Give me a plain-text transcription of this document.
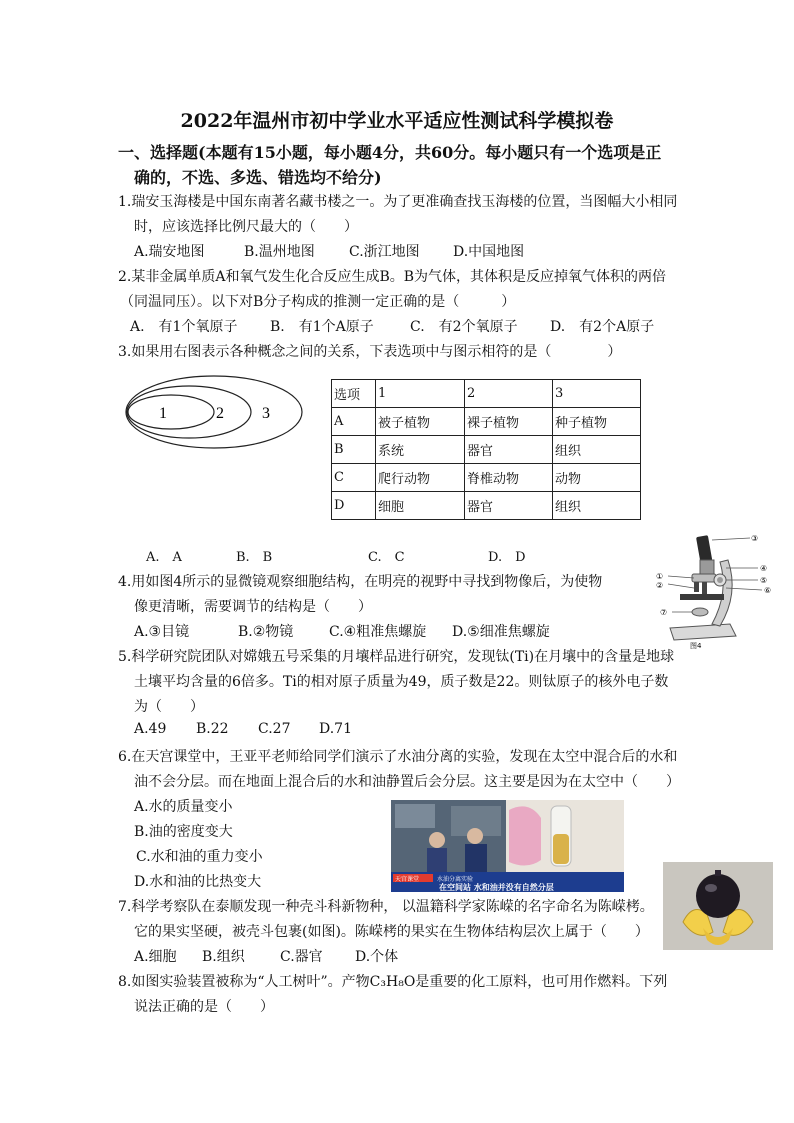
2022年温州市初中学业水平适应性测试科学模拟卷
一、选择题(本题有15小题，每小题4分，共60分。每小题只有一个选项是正
确的，不选、多选、错选均不给分)
1.瑞安玉海楼是中国东南著名藏书楼之一。为了更准确查找玉海楼的位置，当图幅大小相同
时，应该选择比例尺最大的（　　）
A.瑞安地图	B.温州地图 C.浙江地图 D.中国地图
2.某非金属单质A和氧气发生化合反应生成B。B为气体，其体积是反应掉氧气体积的两倍
（同温同压）。以下对B分子构成的推测一定正确的是（　　　）
A.　有1个氧原子 B.　有1个A原子	C.　有2个氧原子 D.　有2个A原子
3.如果用右图表示各种概念之间的关系，下表选项中与图示相符的是（　　　　）
1	2 3
选项	1	2	3
A	被子植物	裸子植物	种子植物
B	系统	器官	组织
C	爬行动物	脊椎动物	动物
D	细胞	器官	组织
A.　A	B.　B	C.　C	D.　D
4.用如图4所示的显微镜观察细胞结构，在明亮的视野中寻找到物像后，为使物
像更清晰，需要调节的结构是（　　）
A.③目镜	B.②物镜	C.④粗准焦螺旋 D.⑤细准焦螺旋
③
④
⑤
⑥
①
②
⑦
图4
5.科学研究院团队对嫦娥五号采集的月壤样品进行研究，发现钛(Ti)在月壤中的含量是地球
土壤平均含量的6倍多。Ti的相对原子质量为49，质子数是22。则钛原子的核外电子数
为（　　）
A.49 B.22 C.27 D.71
6.在天宫课堂中，王亚平老师给同学们演示了水油分离的实验，发现在太空中混合后的水和
油不会分层。而在地面上混合后的水和油静置后会分层。这主要是因为在太空中（　　）
A.水的质量变小
B.油的密度变大
C.水和油的重力变小
D.水和油的比热变大	天宫课堂	水油分离实验
在空间站 水和油并没有自然分层
7.科学考察队在泰顺发现一种壳斗科新物种， 以温籍科学家陈嵘的名字命名为陈嵘栲。
它的果实坚硬，被壳斗包裹(如图)。陈嵘栲的果实在生物体结构层次上属于（　　）
A.细胞 B.组织	C.器官 D.个体
8.如图实验装置被称为“人工树叶”。产物C₃H₈O是重要的化工原料，也可用作燃料。下列
说法正确的是（　　）
